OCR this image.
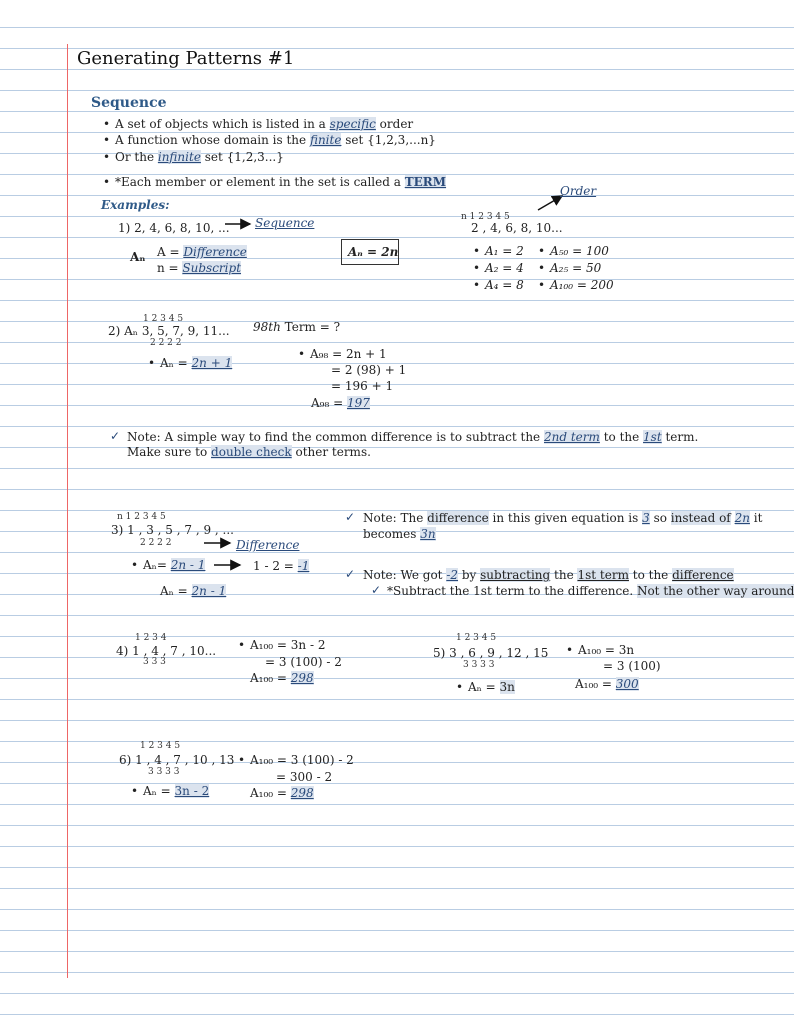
Generating Patterns #1
Sequence
• A set of objects which is listed in a specific order
• A function whose domain is the finite set {1,2,3,...n}
• Or the infinite set {1,2,3...}
• *Each member or element in the set is called a TERM
Examples:
1) 2, 4, 6, 8, 10, ... Sequence
Aₙ A = Difference
n = Subscript
Aₙ = 2n
Order
n 1 2 3 4 5
2 , 4, 6, 8, 10...
• A₁ = 2
• A₂ = 4
• A₄ = 8
• A₅₀ = 100
• A₂₅ = 50
• A₁₀₀ = 200
1 2 3 4 5
2) Aₙ 3, 5, 7, 9, 11...
2 2 2 2
• Aₙ = 2n + 1
98th Term = ?
• A₉₈ = 2n + 1
= 2 (98) + 1
= 196 + 1
A₉₈ = 197
✓ Note: A simple way to find the common difference is to subtract the 2nd term to the 1st term.
Make sure to double check other terms.
n 1 2 3 4 5
3) 1 , 3 , 5 , 7 , 9 , ...
2 2 2 2	Difference
• Aₙ= 2n - 1	1 - 2 = -1
Aₙ = 2n - 1
✓ Note: The difference in this given equation is 3 so instead of 2n it
becomes 3n
✓ Note: We got -2 by subtracting the 1st term to the difference
✓ *Subtract the 1st term to the difference. Not the other way around
1 2 3 4
4) 1 , 4 , 7 , 10...
3 3 3
• A₁₀₀ = 3n - 2
= 3 (100) - 2
A₁₀₀ = 298
1 2 3 4 5
5) 3 , 6 , 9 , 12 , 15
3 3 3 3
• A₁₀₀ = 3n
= 3 (100)
A₁₀₀ = 300
• Aₙ = 3n
1 2 3 4 5
6) 1 , 4 , 7 , 10 , 13
3 3 3 3
• A₁₀₀ = 3 (100) - 2
= 300 - 2
A₁₀₀ = 298
• Aₙ = 3n - 2
